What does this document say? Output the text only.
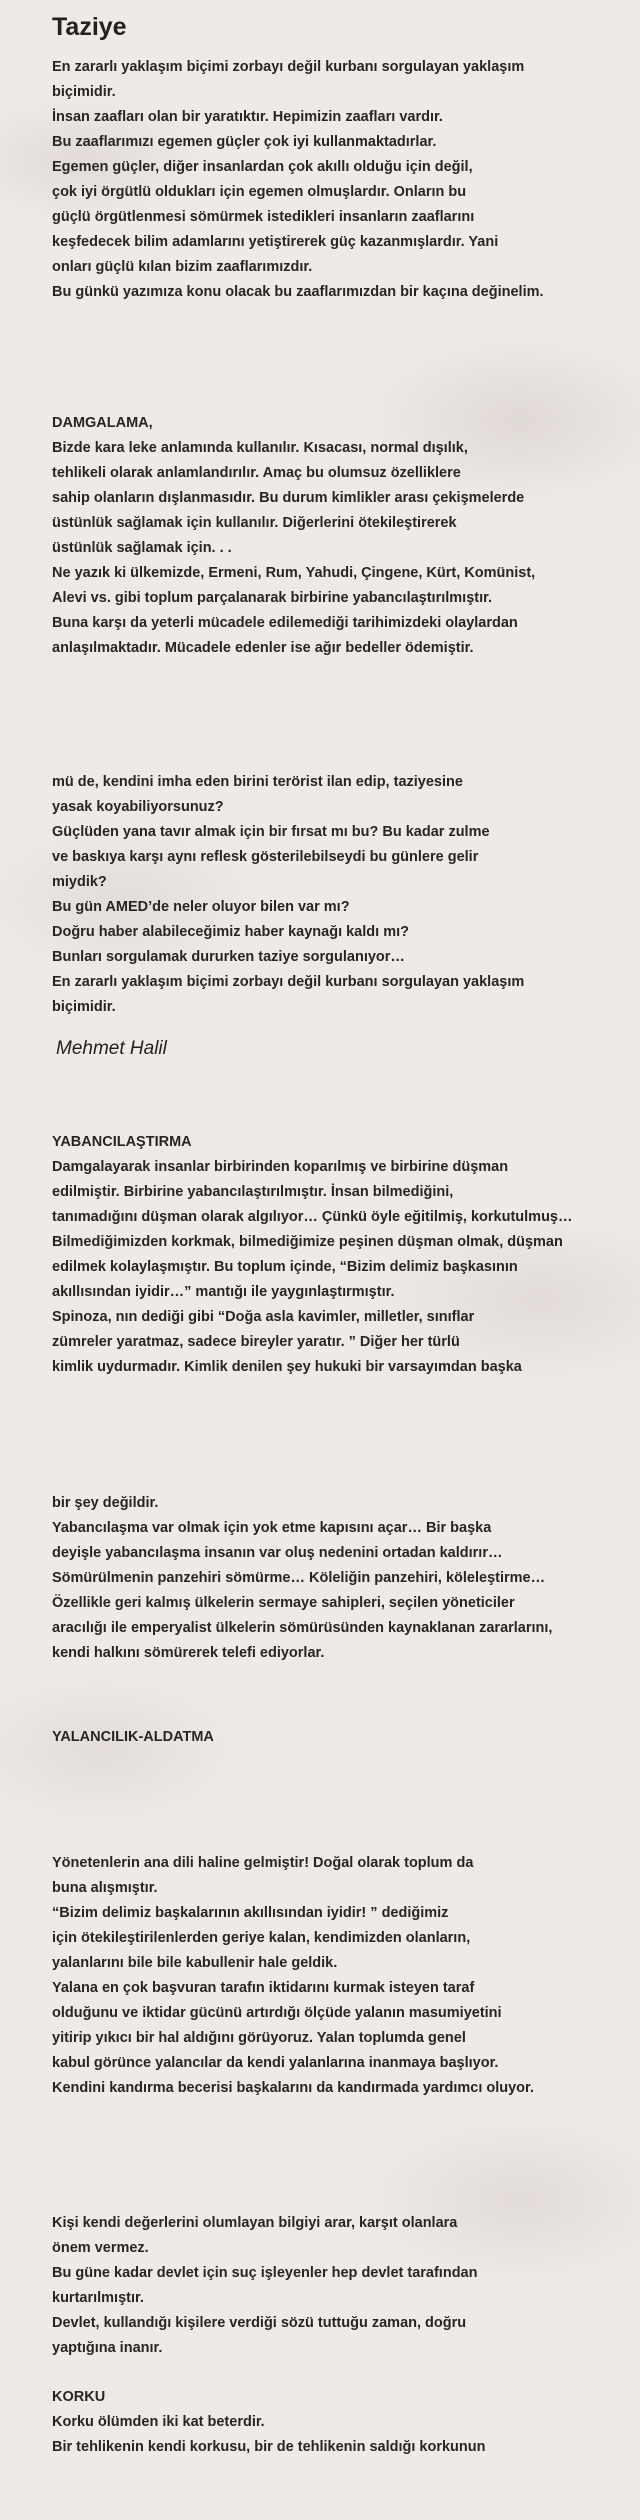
Taziye
En zararlı yaklaşım biçimi zorbayı değil kurbanı sorgulayan yaklaşım
biçimidir.
İnsan zaafları olan bir yaratıktır. Hepimizin zaafları vardır.
Bu zaaflarımızı egemen güçler çok iyi kullanmaktadırlar.
Egemen güçler, diğer insanlardan çok akıllı olduğu için değil,
çok iyi örgütlü oldukları için egemen olmuşlardır. Onların bu
güçlü örgütlenmesi sömürmek istedikleri insanların zaaflarını
keşfedecek bilim adamlarını yetiştirerek güç kazanmışlardır. Yani
onları güçlü kılan bizim zaaflarımızdır.
Bu günkü yazımıza konu olacak bu zaaflarımızdan bir kaçına değinelim.
DAMGALAMA,
Bizde kara leke anlamında kullanılır. Kısacası, normal dışılık,
tehlikeli olarak anlamlandırılır. Amaç bu olumsuz özelliklere
sahip olanların dışlanmasıdır. Bu durum kimlikler arası çekişmelerde
üstünlük sağlamak için kullanılır. Diğerlerini ötekileştirerek
üstünlük sağlamak için. . .
Ne yazık ki ülkemizde, Ermeni, Rum, Yahudi, Çingene, Kürt, Komünist,
Alevi vs. gibi toplum parçalanarak birbirine yabancılaştırılmıştır.
Buna karşı da yeterli mücadele edilemediği tarihimizdeki olaylardan
anlaşılmaktadır. Mücadele edenler ise ağır bedeller ödemiştir.
mü de, kendini imha eden birini terörist ilan edip, taziyesine
yasak koyabiliyorsunuz?
Güçlüden yana tavır almak için bir fırsat mı bu? Bu kadar zulme
ve baskıya karşı aynı reflesk gösterilebilseydi bu günlere gelir
miydik?
Bu gün AMED’de neler oluyor bilen var mı?
Doğru haber alabileceğimiz haber kaynağı kaldı mı?
Bunları sorgulamak dururken taziye sorgulanıyor…
En zararlı yaklaşım biçimi zorbayı değil kurbanı sorgulayan yaklaşım
biçimidir.
Mehmet Halil
YABANCILAŞTIRMA
Damgalayarak insanlar birbirinden koparılmış ve birbirine düşman
edilmiştir. Birbirine yabancılaştırılmıştır. İnsan bilmediğini,
tanımadığını düşman olarak algılıyor… Çünkü öyle eğitilmiş, korkutulmuş…
Bilmediğimizden korkmak, bilmediğimize peşinen düşman olmak, düşman
edilmek kolaylaşmıştır. Bu toplum içinde, “Bizim delimiz başkasının
akıllısından iyidir…” mantığı ile yaygınlaştırmıştır.
Spinoza, nın dediği gibi “Doğa asla kavimler, milletler, sınıflar
zümreler yaratmaz, sadece bireyler yaratır. ” Diğer her türlü
kimlik uydurmadır. Kimlik denilen şey hukuki bir varsayımdan başka
bir şey değildir.
Yabancılaşma var olmak için yok etme kapısını açar… Bir başka
deyişle yabancılaşma insanın var oluş nedenini ortadan kaldırır…
Sömürülmenin panzehiri sömürme… Köleliğin panzehiri, köleleştirme…
Özellikle geri kalmış ülkelerin sermaye sahipleri, seçilen yöneticiler
aracılığı ile emperyalist ülkelerin sömürüsünden kaynaklanan zararlarını,
kendi halkını sömürerek telefi ediyorlar.
YALANCILIK-ALDATMA
Yönetenlerin ana dili haline gelmiştir! Doğal olarak toplum da
buna alışmıştır.
“Bizim delimiz başkalarının akıllısından iyidir! ” dediğimiz
için ötekileştirilenlerden geriye kalan, kendimizden olanların,
yalanlarını bile bile kabullenir hale geldik.
Yalana en çok başvuran tarafın iktidarını kurmak isteyen taraf
olduğunu ve iktidar gücünü artırdığı ölçüde yalanın masumiyetini
yitirip yıkıcı bir hal aldığını görüyoruz. Yalan toplumda genel
kabul görünce yalancılar da kendi yalanlarına inanmaya başlıyor.
Kendini kandırma becerisi başkalarını da kandırmada yardımcı oluyor.
Kişi kendi değerlerini olumlayan bilgiyi arar, karşıt olanlara
önem vermez.
Bu güne kadar devlet için suç işleyenler hep devlet tarafından
kurtarılmıştır.
Devlet, kullandığı kişilere verdiği sözü tuttuğu zaman, doğru
yaptığına inanır.
KORKU
Korku ölümden iki kat beterdir.
Bir tehlikenin kendi korkusu, bir de tehlikenin saldığı korkunun
